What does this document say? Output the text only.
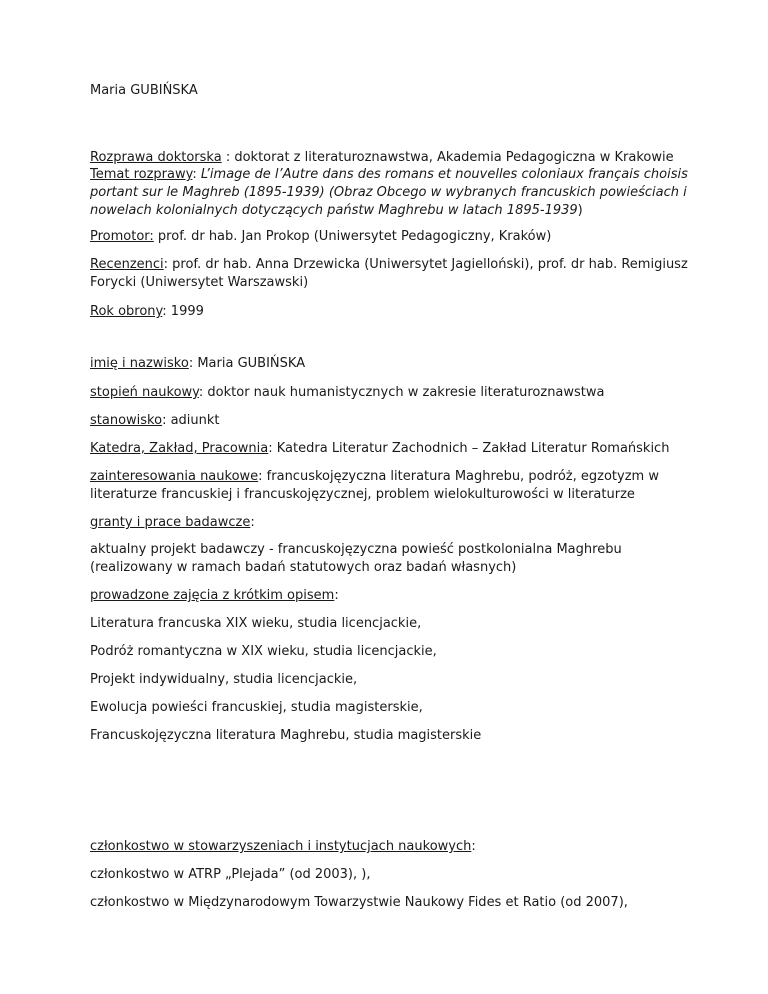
Maria GUBIŃSKA

Rozprawa doktorska : doktorat z literaturoznawstwa, Akademia Pedagogiczna w Krakowie

Temat rozprawy: L’image de l’Autre dans des romans et nouvelles coloniaux français choisis portant sur le Maghreb (1895-1939) (Obraz Obcego w wybranych francuskich powieściach i nowelach kolonialnych dotyczących państw Maghrebu w latach 1895-1939)

Promotor: prof. dr hab. Jan Prokop (Uniwersytet Pedagogiczny, Kraków)

Recenzenci: prof. dr hab. Anna Drzewicka (Uniwersytet Jagielloński), prof. dr hab. Remigiusz Forycki (Uniwersytet Warszawski)

Rok obrony: 1999

imię i nazwisko: Maria GUBIŃSKA

stopień naukowy: doktor nauk humanistycznych w zakresie literaturoznawstwa

stanowisko: adiunkt

Katedra, Zakład, Pracownia: Katedra Literatur Zachodnich – Zakład Literatur Romańskich

zainteresowania naukowe: francuskojęzyczna literatura Maghrebu, podróż, egzotyzm w literaturze francuskiej i francuskojęzycznej, problem wielokulturowości w literaturze

granty i prace badawcze:

aktualny projekt badawczy - francuskojęzyczna powieść postkolonialna Maghrebu (realizowany w ramach badań statutowych oraz badań własnych)

prowadzone zajęcia z krótkim opisem:

Literatura francuska XIX wieku, studia licencjackie,

Podróż romantyczna w XIX wieku, studia licencjackie,

Projekt indywidualny, studia licencjackie,

Ewolucja powieści francuskiej, studia magisterskie,

Francuskojęzyczna literatura Maghrebu, studia magisterskie

członkostwo w stowarzyszeniach i instytucjach naukowych:

członkostwo w ATRP „Plejada” (od 2003), ),

członkostwo w Międzynarodowym Towarzystwie Naukowy Fides et Ratio (od 2007),
